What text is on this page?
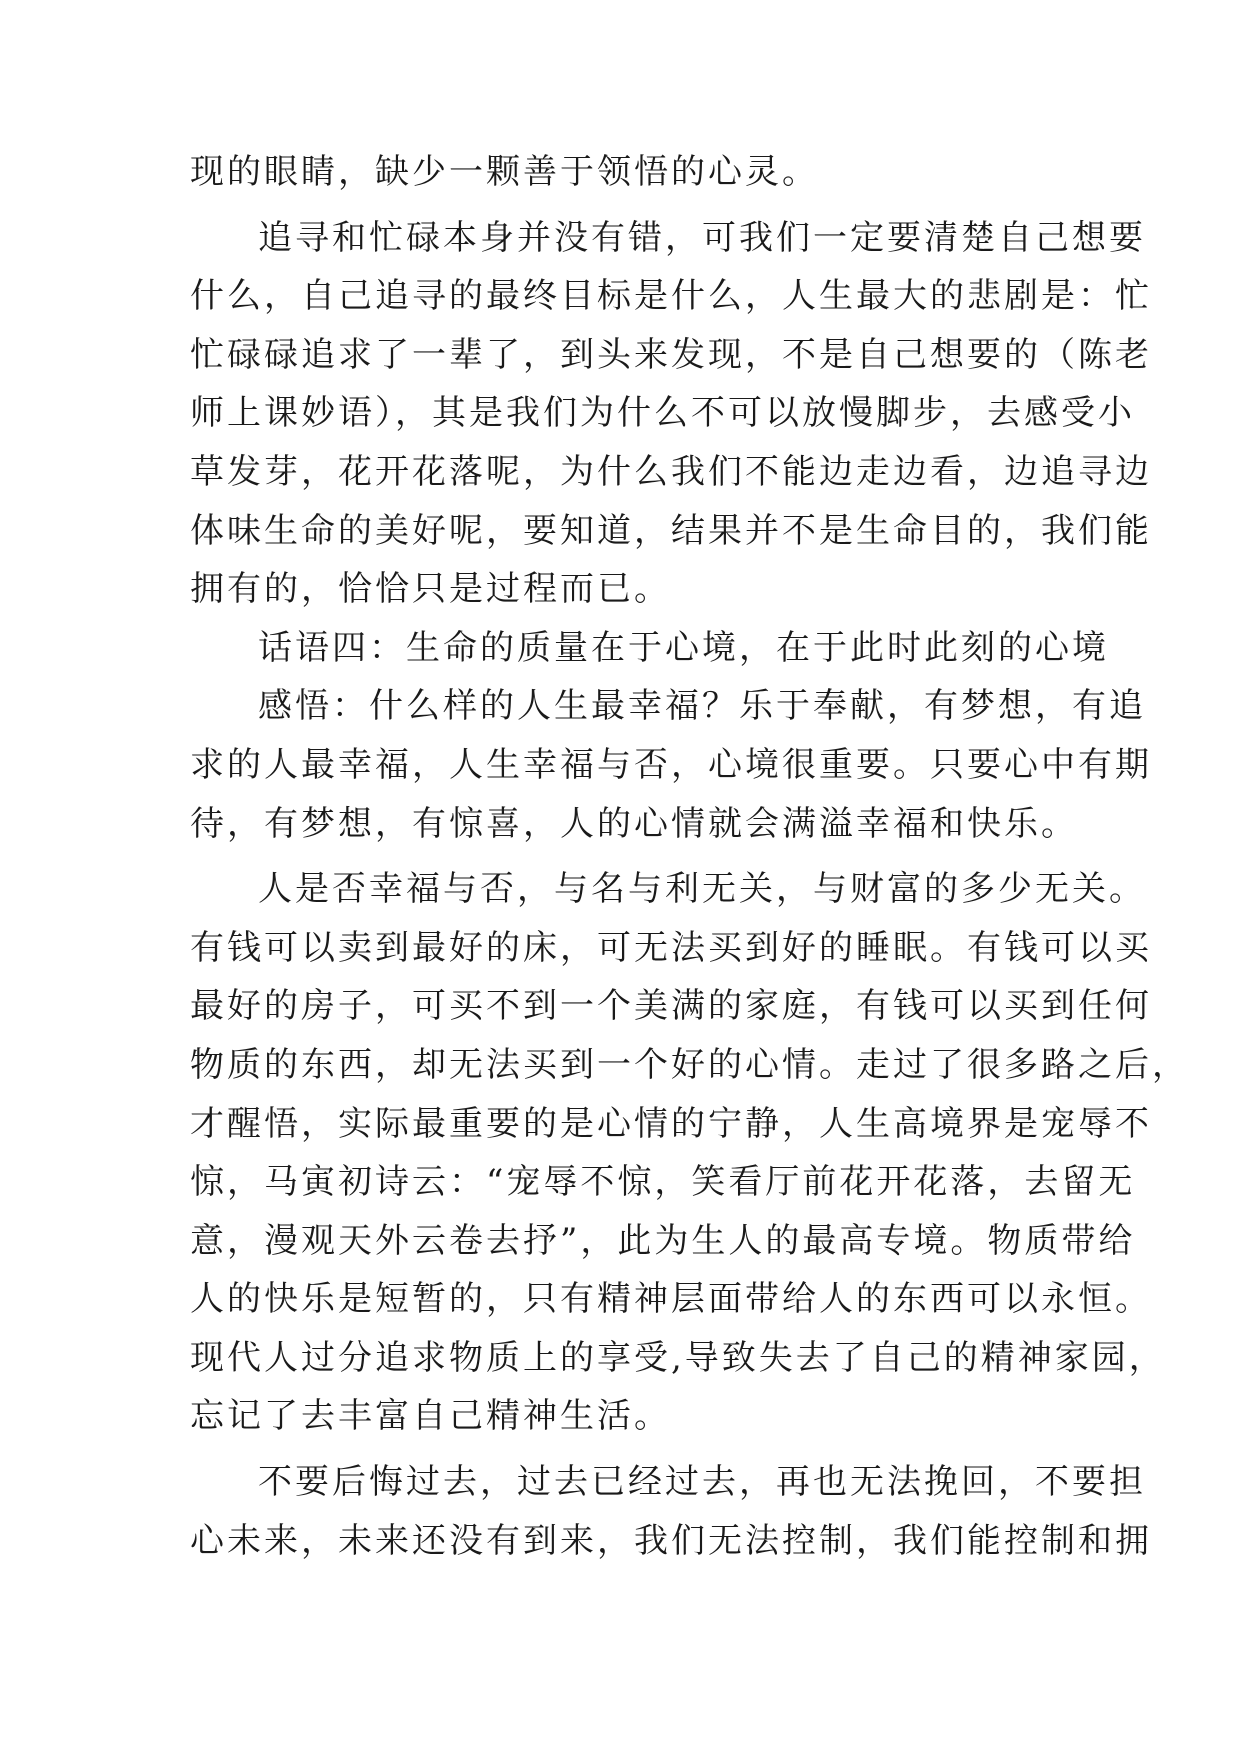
现的眼睛，缺少一颗善于领悟的心灵。
追寻和忙碌本身并没有错，可我们一定要清楚自己想要
什么，自己追寻的最终目标是什么，人生最大的悲剧是：忙
忙碌碌追求了一辈了，到头来发现，不是自己想要的（陈老
师上课妙语），其是我们为什么不可以放慢脚步，去感受小
草发芽，花开花落呢，为什么我们不能边走边看，边追寻边
体味生命的美好呢，要知道，结果并不是生命目的，我们能
拥有的，恰恰只是过程而已。
话语四：生命的质量在于心境，在于此时此刻的心境
感悟：什么样的人生最幸福？乐于奉献，有梦想，有追
求的人最幸福，人生幸福与否，心境很重要。只要心中有期
待，有梦想，有惊喜，人的心情就会满溢幸福和快乐。
人是否幸福与否，与名与利无关，与财富的多少无关。
有钱可以卖到最好的床，可无法买到好的睡眠。有钱可以买
最好的房子，可买不到一个美满的家庭，有钱可以买到任何
物质的东西，却无法买到一个好的心情。走过了很多路之后，
才醒悟，实际最重要的是心情的宁静，人生高境界是宠辱不
惊，马寅初诗云：“宠辱不惊，笑看厅前花开花落，去留无
意，漫观天外云卷去抒”，此为生人的最高专境。物质带给
人的快乐是短暂的，只有精神层面带给人的东西可以永恒。
现代人过分追求物质上的享受,导致失去了自己的精神家园，
忘记了去丰富自己精神生活。
不要后悔过去，过去已经过去，再也无法挽回，不要担
心未来，未来还没有到来，我们无法控制，我们能控制和拥
